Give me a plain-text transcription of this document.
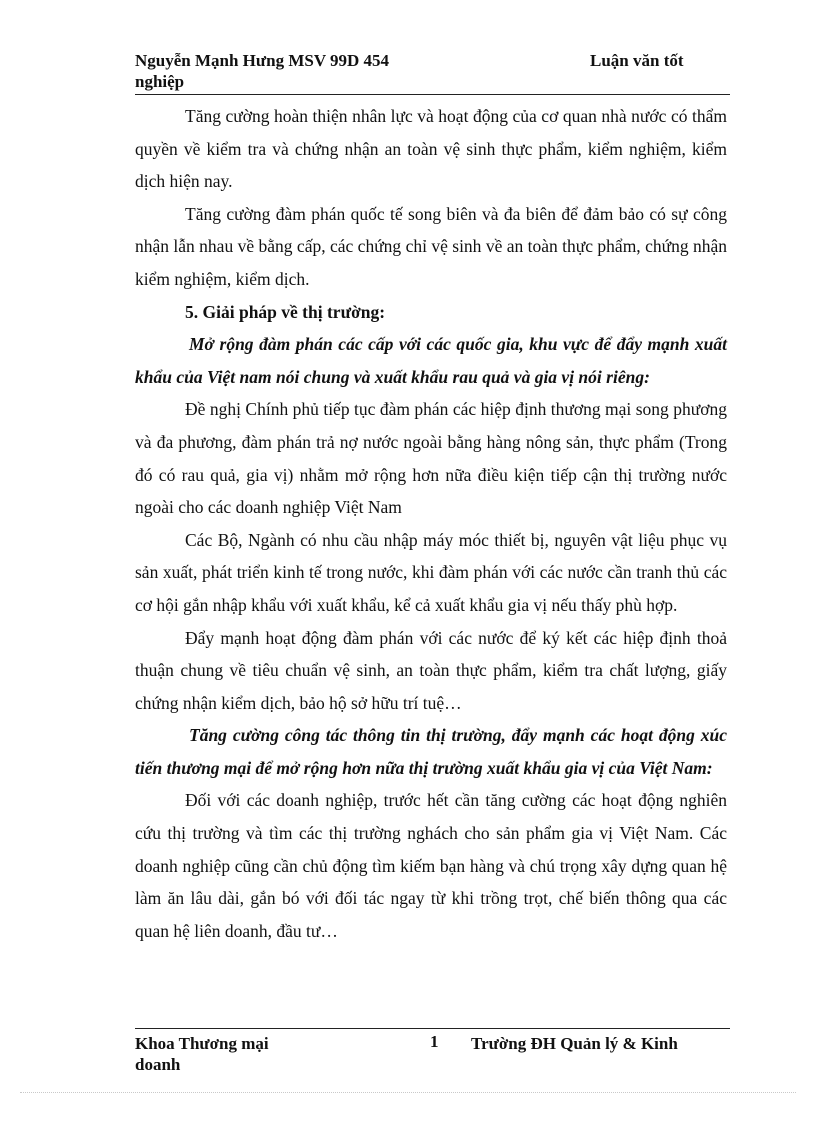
Nguyễn Mạnh Hưng MSV 99D 454	Luận văn tốt
nghiệp

Tăng cường hoàn thiện nhân lực và hoạt động của cơ quan nhà nước có thẩm quyền về kiểm tra và chứng nhận an toàn vệ sinh thực phẩm, kiểm nghiệm, kiểm dịch hiện nay.

Tăng cường đàm phán quốc tế song biên và đa biên để đảm bảo có sự công nhận lẫn nhau về bằng cấp, các chứng chỉ vệ sinh về an toàn thực phẩm, chứng nhận kiểm nghiệm, kiểm dịch.

5. Giải pháp về thị trường:

Mở rộng đàm phán các cấp với các quốc gia, khu vực để đẩy mạnh xuất khẩu của Việt nam nói chung và xuất khẩu rau quả và gia vị nói riêng:

Đề nghị Chính phủ tiếp tục đàm phán các hiệp định thương mại song phương và đa phương, đàm phán trả nợ nước ngoài bằng hàng nông sản, thực phẩm (Trong đó có rau quả, gia vị) nhằm mở rộng hơn nữa điều kiện tiếp cận thị trường nước ngoài cho các doanh nghiệp Việt Nam

Các Bộ, Ngành có nhu cầu nhập máy móc thiết bị, nguyên vật liệu phục vụ sản xuất, phát triển kinh tế trong nước, khi đàm phán với các nước cần tranh thủ các cơ hội gắn nhập khẩu với xuất khẩu, kể cả xuất khẩu gia vị nếu thấy phù hợp.

Đẩy mạnh hoạt động đàm phán với các nước để ký kết các hiệp định thoả thuận chung về tiêu chuẩn vệ sinh, an toàn thực phẩm, kiểm tra chất lượng, giấy chứng nhận kiểm dịch, bảo hộ sở hữu trí tuệ…

Tăng cường công tác thông tin thị trường, đẩy mạnh các hoạt động xúc tiến thương mại để mở rộng hơn nữa thị trường xuất khẩu gia vị của Việt Nam:

Đối với các doanh nghiệp, trước hết cần tăng cường các hoạt động nghiên cứu thị trường và tìm các thị trường nghách cho sản phẩm gia vị Việt Nam. Các doanh nghiệp cũng cần chủ động tìm kiếm bạn hàng và chú trọng xây dựng quan hệ làm ăn lâu dài, gắn bó với đối tác ngay từ khi trồng trọt, chế biến thông qua các quan hệ liên doanh, đầu tư…

Khoa Thương mại
doanh
1 Trường ĐH Quản lý & Kinh
